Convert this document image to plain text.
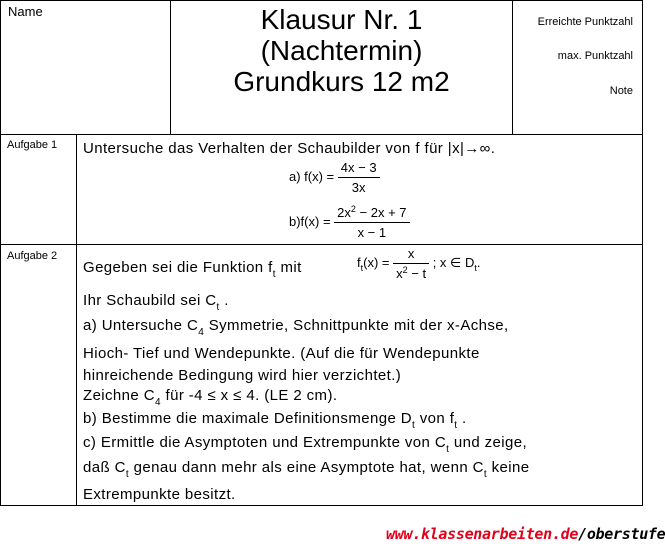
Name	Klausur Nr. 1
(Nachtermin)
Grundkurs 12 m2
Erreichte Punktzahl
max. Punktzahl
Note
Aufgabe 1 Untersuche das Verhalten der Schaubilder von f für |x|→∞.
a) $f(x) = \frac{4x - 3}{3x}$
$b)f(x) = \frac{2x^2 - 2x + 7}{x - 1}$
Aufgabe 2
Gegeben sei die Funktion $f_t$ mit	$f_t(x) = \frac{x}{x^2 - t}$ ; x ∈ $D_t$.
Ihr Schaubild sei $C_t$ .
a) Untersuche $C_4$ Symmetrie, Schnittpunkte mit der x-Achse,
Hioch- Tief und Wendepunkte. (Auf die für Wendepunkte
hinreichende Bedingung wird hier verzichtet.)
Zeichne $C_4$ für -4 ≤ x ≤ 4. (LE 2 cm).
b) Bestimme die maximale Definitionsmenge $D_t$ von $f_t$ .
c) Ermittle die Asymptoten und Extrempunkte von $C_t$ und zeige,
daß $C_t$ genau dann mehr als eine Asymptote hat, wenn $C_t$ keine
Extrempunkte besitzt.
www.klassenarbeiten.de/oberstufe
